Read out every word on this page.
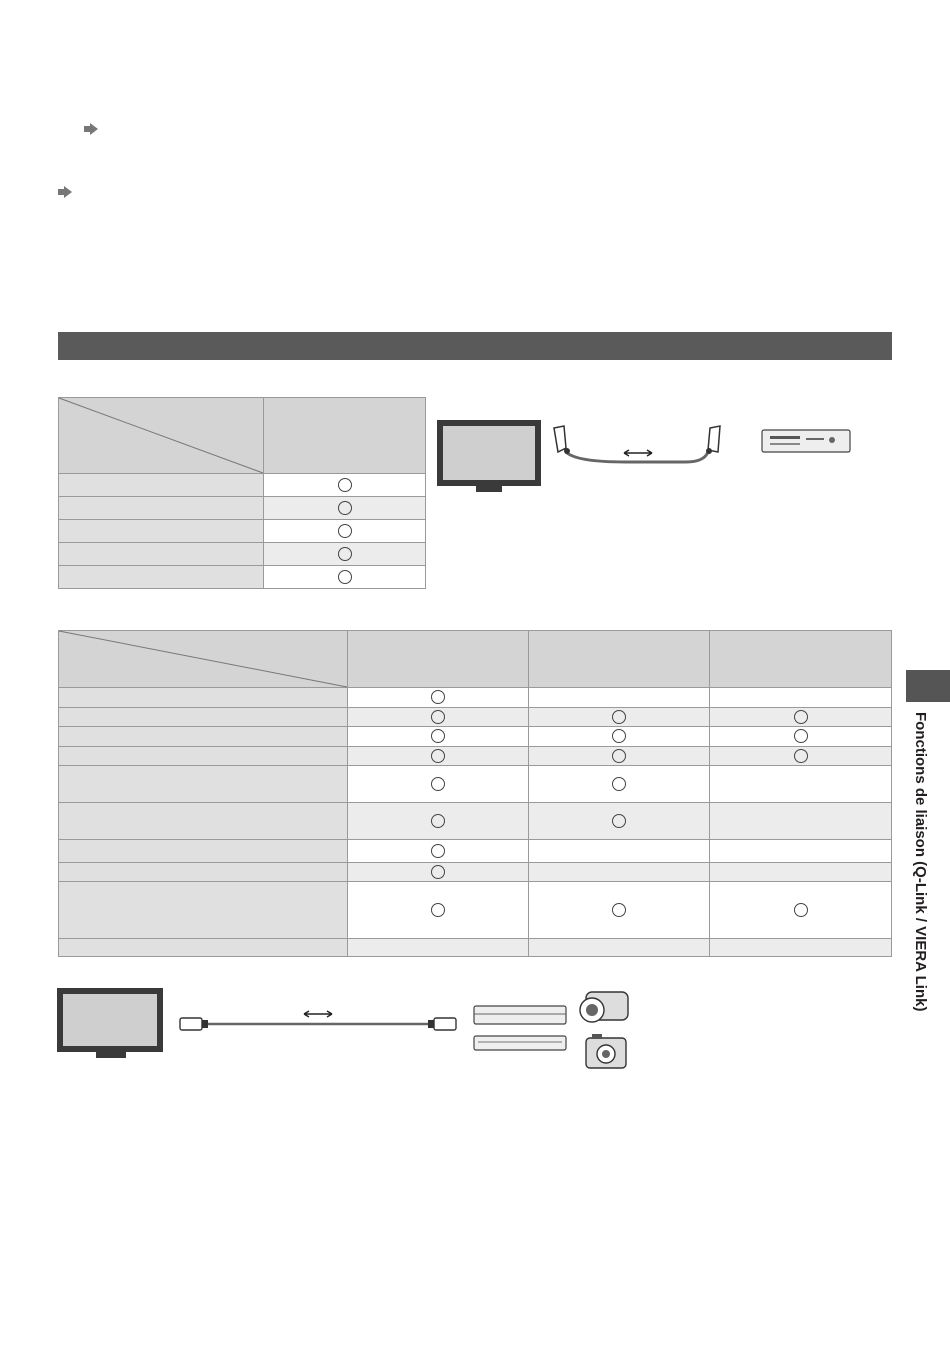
Fonctions de liaison (Q-Link / VIERA Link)
